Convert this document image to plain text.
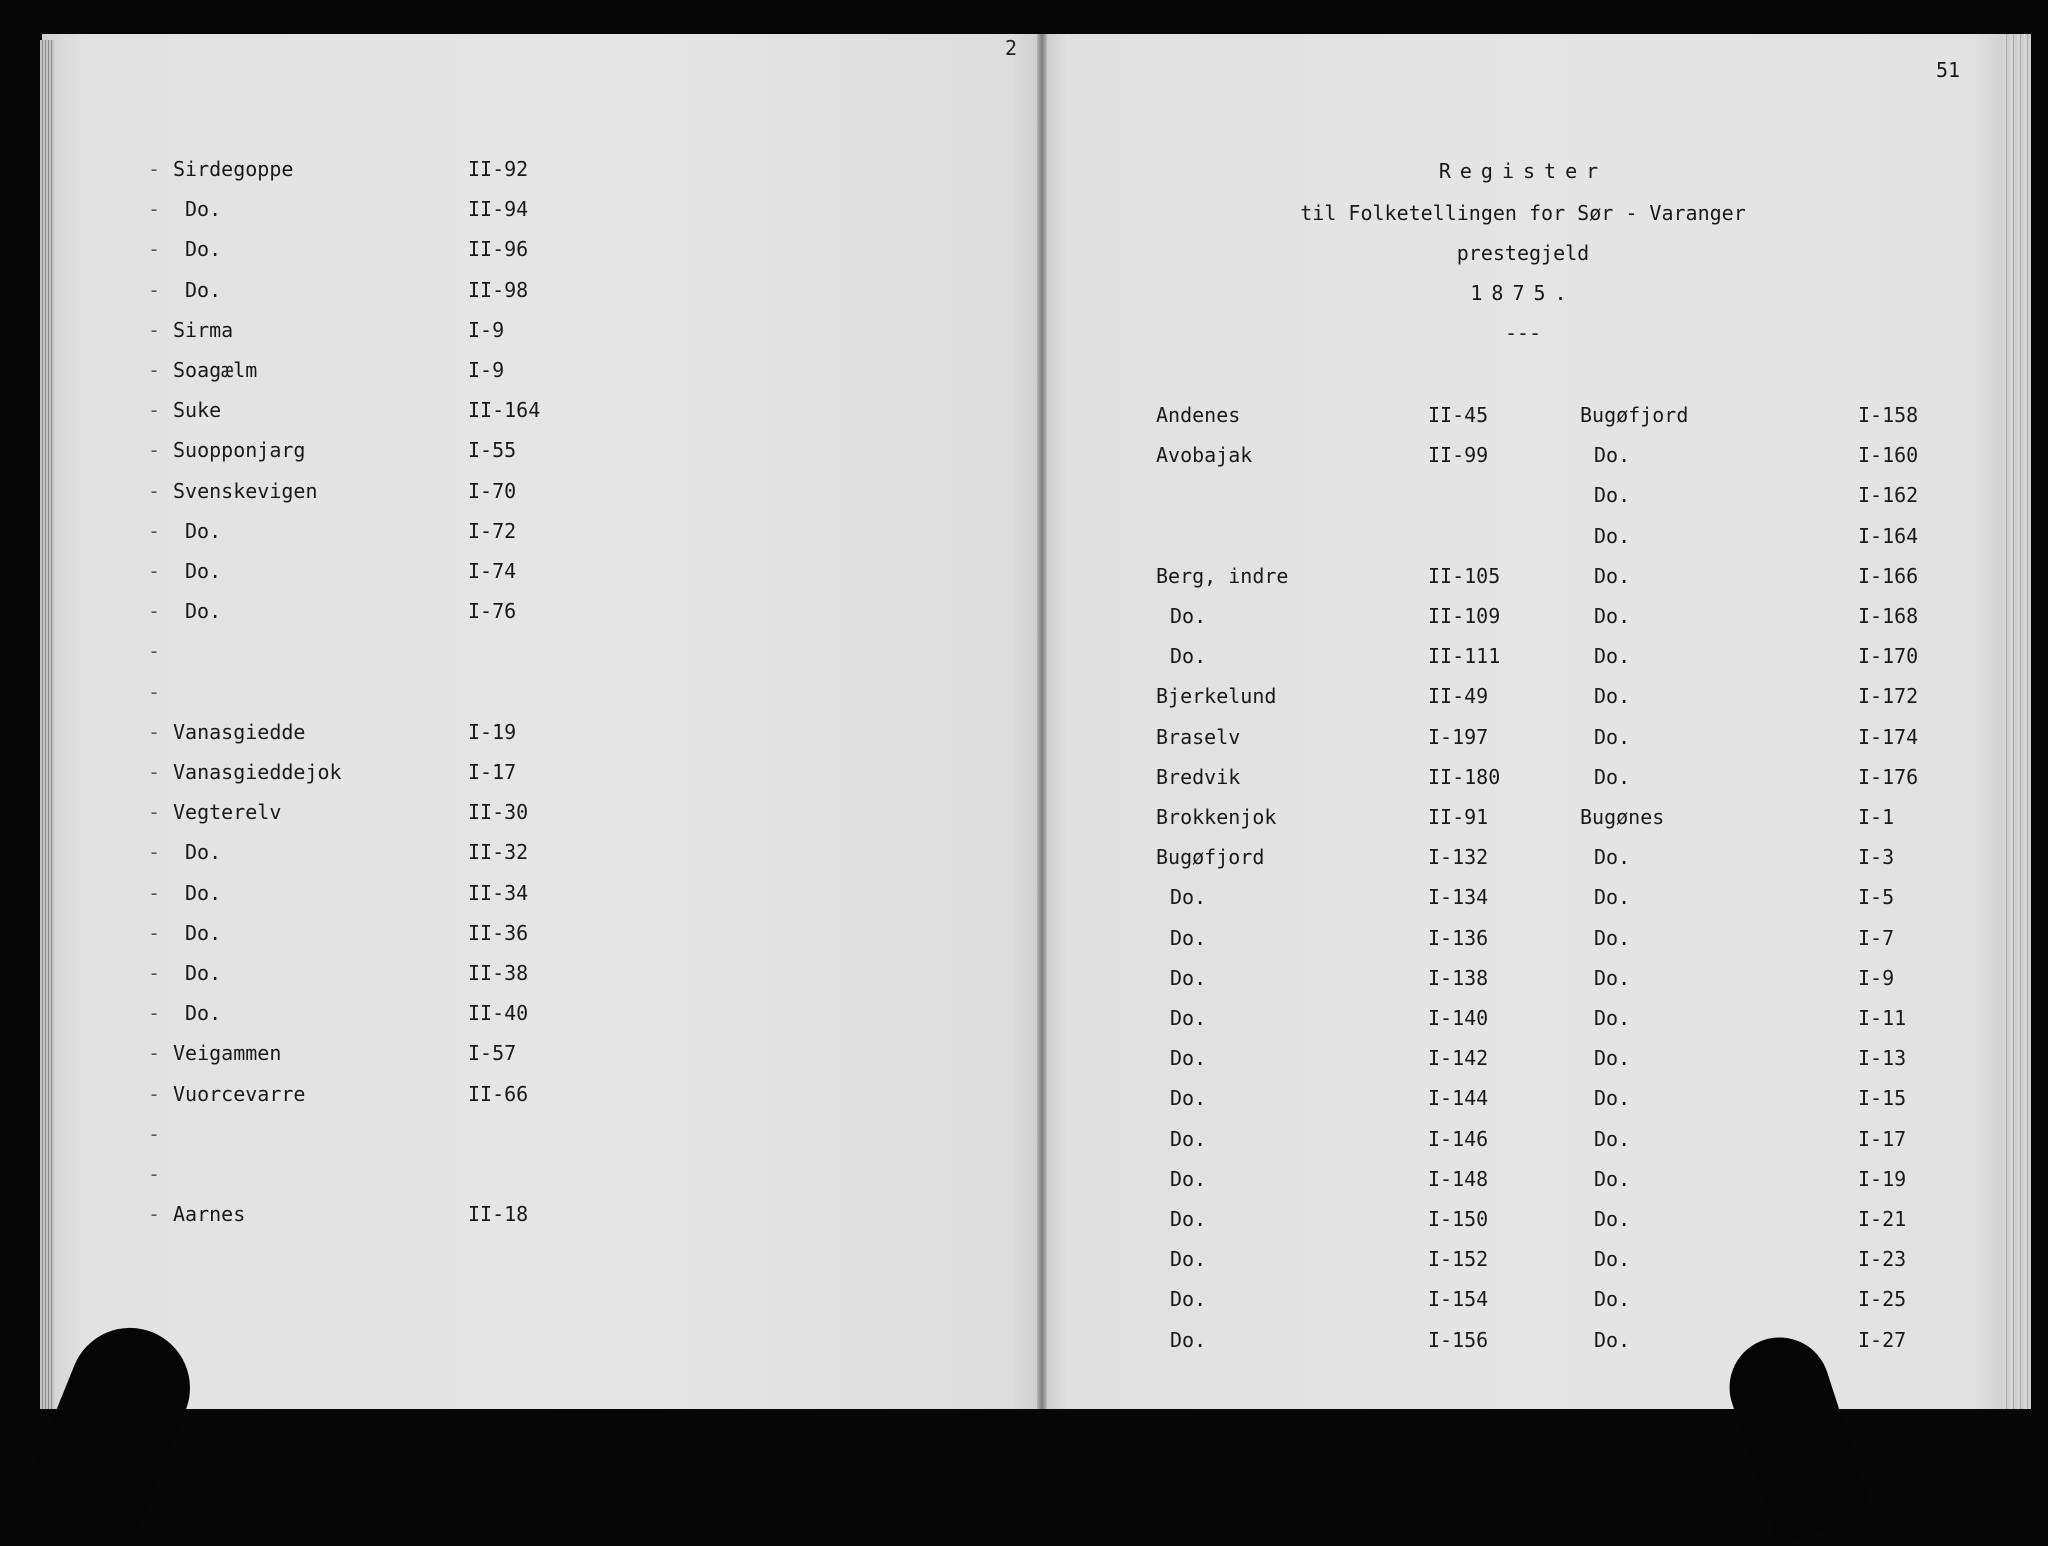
2
51
Register
til Folketellingen for Sør - Varanger
prestegjeld
1875.
---
- Sirdegoppe	II-92
- Do.	II-94
- Do.	II-96
- Do.	II-98
- Sirma	I-9
- Soagælm	I-9
- Suke	II-164
- Suopponjarg	I-55
- Svenskevigen	I-70
- Do.	I-72
- Do.	I-74
- Do.	I-76
-
-
- Vanasgiedde	I-19
- Vanasgieddejok	I-17
- Vegterelv	II-30
- Do.	II-32
- Do.	II-34
- Do.	II-36
- Do.	II-38
- Do.	II-40
- Veigammen	I-57
- Vuorcevarre	II-66
-
-
- Aarnes	II-18
Andenes	II-45
Avobajak	II-99
Berg, indre	II-105
Do.	II-109
Do.	II-111
Bjerkelund	II-49
Braselv	I-197
Bredvik	II-180
Brokkenjok	II-91
Bugøfjord	I-132
Do.	I-134
Do.	I-136
Do.	I-138
Do.	I-140
Do.	I-142
Do.	I-144
Do.	I-146
Do.	I-148
Do.	I-150
Do.	I-152
Do.	I-154
Do.	I-156
Bugøfjord	I-158
Do.	I-160
Do.	I-162
Do.	I-164
Do.	I-166
Do.	I-168
Do.	I-170
Do.	I-172
Do.	I-174
Do.	I-176
Bugønes	I-1
Do.	I-3
Do.	I-5
Do.	I-7
Do.	I-9
Do.	I-11
Do.	I-13
Do.	I-15
Do.	I-17
Do.	I-19
Do.	I-21
Do.	I-23
Do.	I-25
Do.	I-27
